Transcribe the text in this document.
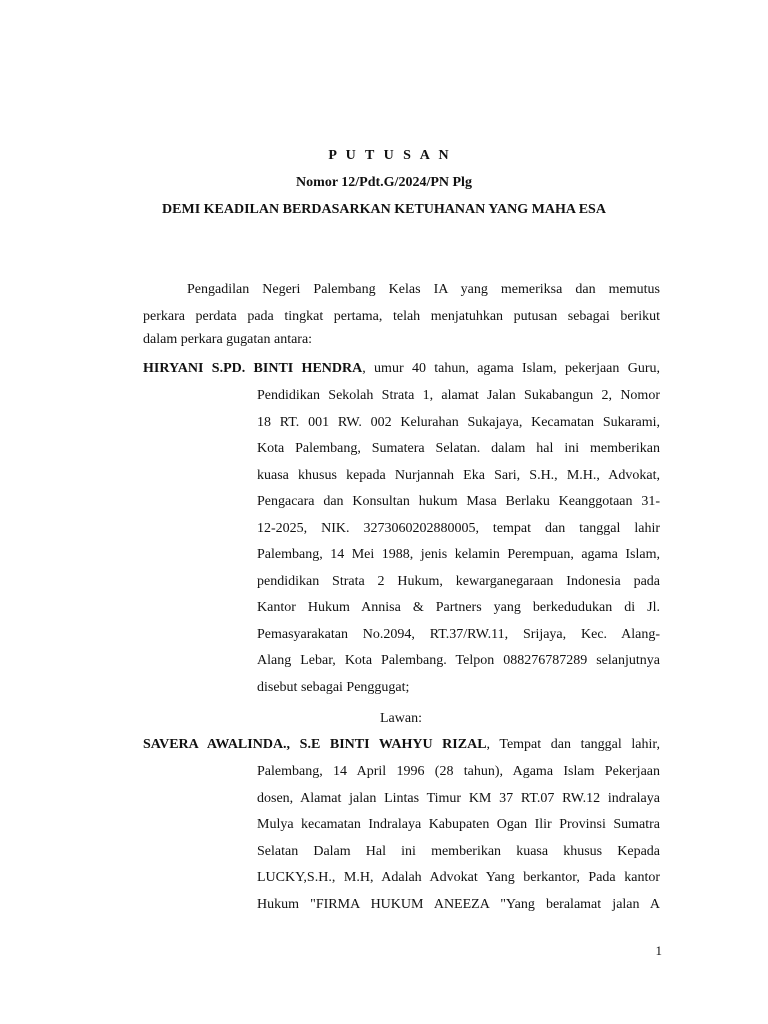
P U T U S A N
Nomor 12/Pdt.G/2024/PN Plg
DEMI KEADILAN BERDASARKAN KETUHANAN YANG MAHA ESA
Pengadilan Negeri Palembang Kelas IA yang memeriksa dan memutus
perkara perdata pada tingkat pertama, telah menjatuhkan putusan sebagai berikut
dalam perkara gugatan antara:
HIRYANI S.PD. BINTI HENDRA, umur 40 tahun, agama Islam, pekerjaan Guru,
Pendidikan Sekolah Strata 1, alamat Jalan Sukabangun 2, Nomor
18 RT. 001 RW. 002 Kelurahan Sukajaya, Kecamatan Sukarami,
Kota Palembang, Sumatera Selatan. dalam hal ini memberikan
kuasa khusus kepada Nurjannah Eka Sari, S.H., M.H., Advokat,
Pengacara dan Konsultan hukum Masa Berlaku Keanggotaan 31-
12-2025, NIK. 3273060202880005, tempat dan tanggal lahir
Palembang, 14 Mei 1988, jenis kelamin Perempuan, agama Islam,
pendidikan Strata 2 Hukum, kewarganegaraan Indonesia pada
Kantor Hukum Annisa & Partners yang berkedudukan di Jl.
Pemasyarakatan No.2094, RT.37/RW.11, Srijaya, Kec. Alang-
Alang Lebar, Kota Palembang. Telpon 088276787289 selanjutnya
disebut sebagai Penggugat;
Lawan:
SAVERA AWALINDA., S.E BINTI WAHYU RIZAL, Tempat dan tanggal lahir,
Palembang, 14 April 1996 (28 tahun), Agama Islam Pekerjaan
dosen, Alamat jalan Lintas Timur KM 37 RT.07 RW.12 indralaya
Mulya kecamatan Indralaya Kabupaten Ogan Ilir Provinsi Sumatra
Selatan Dalam Hal ini memberikan kuasa khusus Kepada
LUCKY,S.H., M.H, Adalah Advokat Yang berkantor, Pada kantor
Hukum "FIRMA HUKUM ANEEZA "Yang beralamat jalan A
1
